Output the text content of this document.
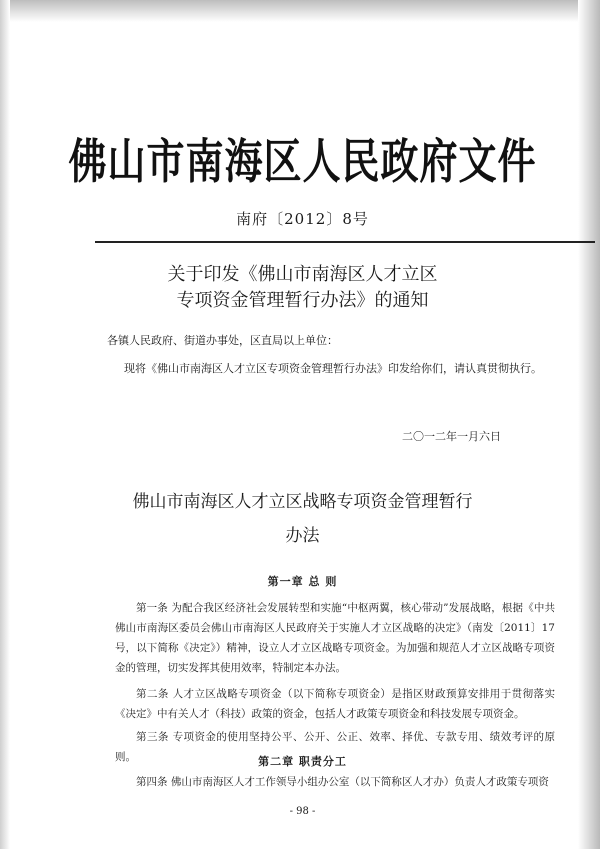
佛山市南海区人民政府文件
南府〔2012〕8号
关于印发《佛山市南海区人才立区
专项资金管理暂行办法》的通知
各镇人民政府、街道办事处，区直局以上单位：
现将《佛山市南海区人才立区专项资金管理暂行办法》印发给你们，请认真贯彻执行。
二〇一二年一月六日
佛山市南海区人才立区战略专项资金管理暂行
办法
第一章 总 则
第一条 为配合我区经济社会发展转型和实施“中枢两翼，核心带动”发展战略，根据《中共佛山市南海区委员会佛山市南海区人民政府关于实施人才立区战略的决定》（南发〔2011〕17号，以下简称《决定》）精神，设立人才立区战略专项资金。为加强和规范人才立区战略专项资金的管理，切实发挥其使用效率，特制定本办法。
第二条 人才立区战略专项资金（以下简称专项资金）是指区财政预算安排用于贯彻落实《决定》中有关人才（科技）政策的资金，包括人才政策专项资金和科技发展专项资金。
第三条 专项资金的使用坚持公平、公开、公正、效率、择优、专款专用、绩效考评的原则。	第二章 职责分工
第四条 佛山市南海区人才工作领导小组办公室（以下简称区人才办）负责人才政策专项资
- 98 -
